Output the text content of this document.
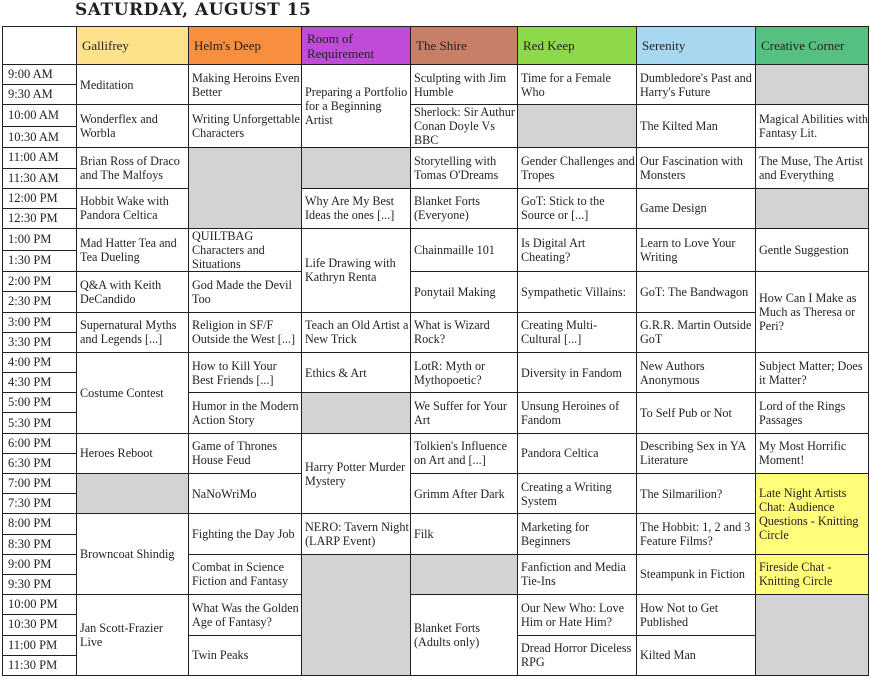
SATURDAY, AUGUST 15
	Gallifrey	Helm's Deep	Room of Requirement	The Shire	Red Keep	Serenity	Creative Corner
9:00 AM	Meditation	Making Heroins Even Better	Preparing a Portfolio for a Beginning Artist	Sculpting with Jim Humble	Time for a Female Who	Dumbledore's Past and Harry's Future	
9:30 AM							
10:00 AM	Wonderflex and Worbla	Writing Unforgettable Characters		Sherlock: Sir Authur Conan Doyle Vs BBC		The Kilted Man	Magical Abilities with Fantasy Lit.
10:30 AM							
11:00 AM	Brian Ross of Draco and The Malfoys			Storytelling with Tomas O'Dreams	Gender Challenges and Tropes	Our Fascination with Monsters	The Muse, The Artist and Everything
11:30 AM							
12:00 PM	Hobbit Wake with Pandora Celtica		Why Are My Best Ideas the ones [...]	Blanket Forts (Everyone)	GoT: Stick to the Source or [...]	Game Design	
12:30 PM							
1:00 PM	Mad Hatter Tea and Tea Dueling	QUILTBAG Characters and Situations	Life Drawing with Kathryn Renta	Chainmaille 101	Is Digital Art Cheating?	Learn to Love Your Writing	Gentle Suggestion
1:30 PM							
2:00 PM	Q&A with Keith DeCandido	God Made the Devil Too		Ponytail Making	Sympathetic Villains:	GoT: The Bandwagon	How Can I Make as Much as Theresa or Peri?
2:30 PM							
3:00 PM	Supernatural Myths and Legends [...]	Religion in SF/F Outside the West [...]	Teach an Old Artist a New Trick	What is Wizard Rock?	Creating Multi-Cultural [...]	G.R.R. Martin Outside GoT	
3:30 PM							
4:00 PM	Costume Contest	How to Kill Your Best Friends [...]	Ethics & Art	LotR: Myth or Mythopoetic?	Diversity in Fandom	New Authors Anonymous	Subject Matter; Does it Matter?
4:30 PM							
5:00 PM		Humor in the Modern Action Story		We Suffer for Your Art	Unsung Heroines of Fandom	To Self Pub or Not	Lord of the Rings Passages
5:30 PM							
6:00 PM	Heroes Reboot	Game of Thrones House Feud	Harry Potter Murder Mystery	Tolkien's Influence on Art and [...]	Pandora Celtica	Describing Sex in YA Literature	My Most Horrific Moment!
6:30 PM							
7:00 PM		NaNoWriMo		Grimm After Dark	Creating a Writing System	The Silmarilion?	Late Night Artists Chat: Audience Questions - Knitting Circle
7:30 PM							
8:00 PM	Browncoat Shindig	Fighting the Day Job	NERO: Tavern Night (LARP Event)	Filk	Marketing for Beginners	The Hobbit: 1, 2 and 3 Feature Films?	
8:30 PM							
9:00 PM		Combat in Science Fiction and Fantasy			Fanfiction and Media Tie-Ins	Steampunk in Fiction	Fireside Chat - Knitting Circle
9:30 PM							
10:00 PM	Jan Scott-Frazier Live	What Was the Golden Age of Fantasy?		Blanket Forts (Adults only)	Our New Who: Love Him or Hate Him?	How Not to Get Published	
10:30 PM							
11:00 PM		Twin Peaks			Dread Horror Diceless RPG	Kilted Man	
11:30 PM							
